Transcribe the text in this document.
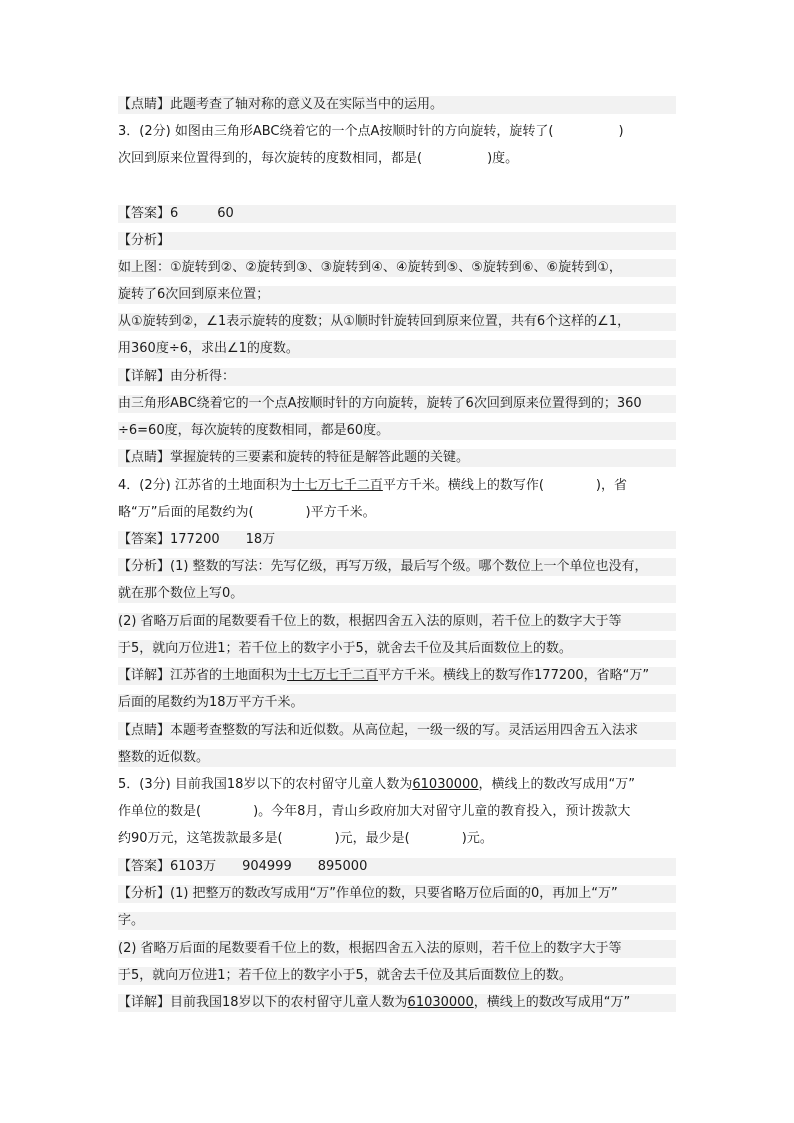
【点睛】此题考查了轴对称的意义及在实际当中的运用。
3．(2分) 如图由三角形ABC绕着它的一个点A按顺时针的方向旋转，旋转了(　　　　　)
次回到原来位置得到的，每次旋转的度数相同，都是(　　　　　)度。
【答案】6　　　60
【分析】
如上图：①旋转到②、②旋转到③、③旋转到④、④旋转到⑤、⑤旋转到⑥、⑥旋转到①，
旋转了6次回到原来位置；
从①旋转到②，∠1表示旋转的度数；从①顺时针旋转回到原来位置，共有6个这样的∠1，
用360度÷6，求出∠1的度数。
【详解】由分析得：
由三角形ABC绕着它的一个点A按顺时针的方向旋转，旋转了6次回到原来位置得到的；360
÷6=60度，每次旋转的度数相同，都是60度。
【点睛】掌握旋转的三要素和旋转的特征是解答此题的关键。
4．(2分) 江苏省的土地面积为十七万七千二百平方千米。横线上的数写作(　　　　)，省
略“万”后面的尾数约为(　　　　)平方千米。
【答案】177200　　18万
【分析】(1) 整数的写法：先写亿级，再写万级，最后写个级。哪个数位上一个单位也没有，
就在那个数位上写0。
(2) 省略万后面的尾数要看千位上的数，根据四舍五入法的原则，若千位上的数字大于等
于5，就向万位进1；若千位上的数字小于5，就舍去千位及其后面数位上的数。
【详解】江苏省的土地面积为十七万七千二百平方千米。横线上的数写作177200，省略“万”
后面的尾数约为18万平方千米。
【点睛】本题考查整数的写法和近似数。从高位起，一级一级的写。灵活运用四舍五入法求
整数的近似数。
5．(3分) 目前我国18岁以下的农村留守儿童人数为61030000，横线上的数改写成用“万”
作单位的数是(　　　　)。今年8月，青山乡政府加大对留守儿童的教育投入，预计拨款大
约90万元，这笔拨款最多是(　　　　)元，最少是(　　　　)元。
【答案】6103万　　904999　　895000
【分析】(1) 把整万的数改写成用“万”作单位的数，只要省略万位后面的0，再加上“万”
字。
(2) 省略万后面的尾数要看千位上的数，根据四舍五入法的原则，若千位上的数字大于等
于5，就向万位进1；若千位上的数字小于5，就舍去千位及其后面数位上的数。
【详解】目前我国18岁以下的农村留守儿童人数为61030000，横线上的数改写成用“万”
